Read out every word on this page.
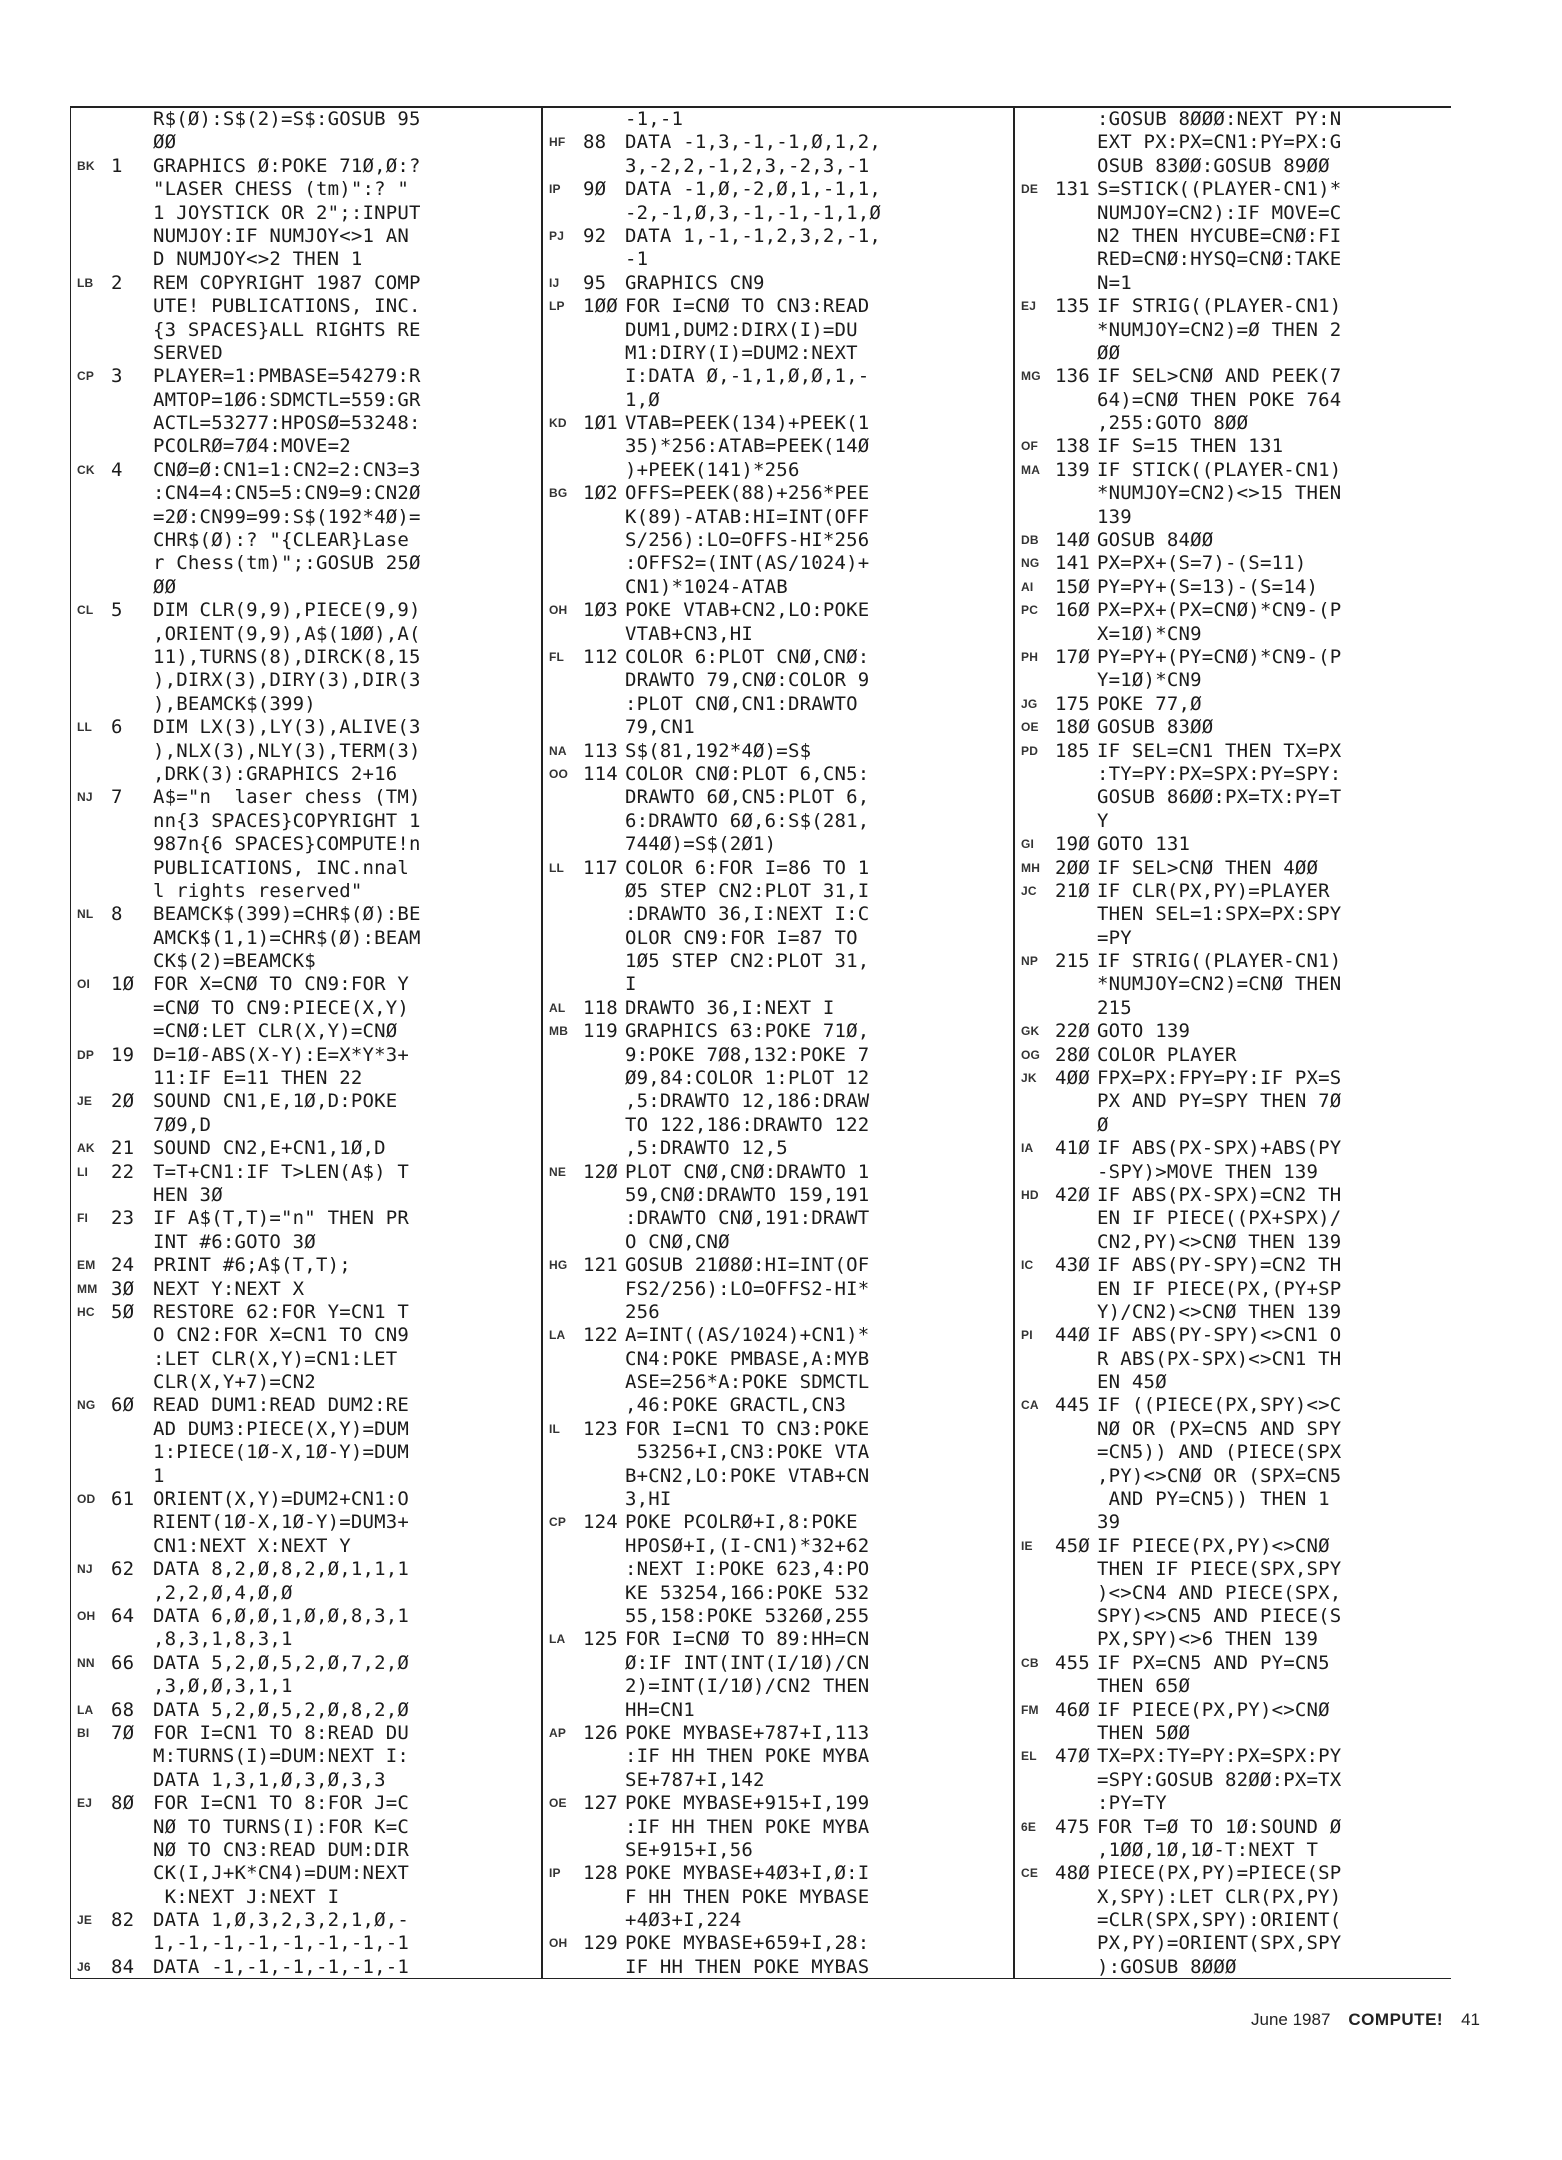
R$(Ø):S$(2)=S$:GOSUB 95
ØØ
BK 1 GRAPHICS Ø:POKE 71Ø,Ø:?
"LASER CHESS (tm)":? "
1 JOYSTICK OR 2";:INPUT
NUMJOY:IF NUMJOY<>1 AN
D NUMJOY<>2 THEN 1
LB 2 REM COPYRIGHT 1987 COMP
UTE! PUBLICATIONS, INC.
{3 SPACES}ALL RIGHTS RE
SERVED
CP 3 PLAYER=1:PMBASE=54279:R
AMTOP=1Ø6:SDMCTL=559:GR
ACTL=53277:HPOSØ=53248:
PCOLRØ=7Ø4:MOVE=2
CK 4 CNØ=Ø:CN1=1:CN2=2:CN3=3
:CN4=4:CN5=5:CN9=9:CN2Ø
=2Ø:CN99=99:S$(192*4Ø)=
CHR$(Ø):? "{CLEAR}Lase
r Chess(tm)";:GOSUB 25Ø
ØØ
CL 5 DIM CLR(9,9),PIECE(9,9)
,ORIENT(9,9),A$(1ØØ),A(
11),TURNS(8),DIRCK(8,15
),DIRX(3),DIRY(3),DIR(3
),BEAMCK$(399)
LL 6 DIM LX(3),LY(3),ALIVE(3
),NLX(3),NLY(3),TERM(3)
,DRK(3):GRAPHICS 2+16
NJ 7 A$="n  laser chess (TM)
nn{3 SPACES}COPYRIGHT 1
987n{6 SPACES}COMPUTE!n
PUBLICATIONS, INC.nnal
l rights reserved"
NL 8 BEAMCK$(399)=CHR$(Ø):BE
AMCK$(1,1)=CHR$(Ø):BEAM
CK$(2)=BEAMCK$
OI	1Ø FOR X=CNØ TO CN9:FOR Y
=CNØ TO CN9:PIECE(X,Y)
=CNØ:LET CLR(X,Y)=CNØ
DP 19 D=1Ø-ABS(X-Y):E=X*Y*3+
11:IF E=11 THEN 22
JE 2Ø SOUND CN1,E,1Ø,D:POKE
7Ø9,D
AK 21 SOUND CN2,E+CN1,1Ø,D
LI	22 T=T+CN1:IF T>LEN(A$) T
HEN 3Ø
FI	23 IF A$(T,T)="n" THEN PR
INT #6:GOTO 3Ø
EM 24 PRINT #6;A$(T,T);
MM 3Ø NEXT Y:NEXT X
HC 5Ø RESTORE 62:FOR Y=CN1 T
O CN2:FOR X=CN1 TO CN9
:LET CLR(X,Y)=CN1:LET
CLR(X,Y+7)=CN2
NG 6Ø READ DUM1:READ DUM2:RE
AD DUM3:PIECE(X,Y)=DUM
1:PIECE(1Ø-X,1Ø-Y)=DUM
1
OD 61 ORIENT(X,Y)=DUM2+CN1:O
RIENT(1Ø-X,1Ø-Y)=DUM3+
CN1:NEXT X:NEXT Y
NJ 62 DATA 8,2,Ø,8,2,Ø,1,1,1
,2,2,Ø,4,Ø,Ø
OH 64 DATA 6,Ø,Ø,1,Ø,Ø,8,3,1
,8,3,1,8,3,1
NN 66 DATA 5,2,Ø,5,2,Ø,7,2,Ø
,3,Ø,Ø,3,1,1
LA 68 DATA 5,2,Ø,5,2,Ø,8,2,Ø
BI	7Ø FOR I=CN1 TO 8:READ DU
M:TURNS(I)=DUM:NEXT I:
DATA 1,3,1,Ø,3,Ø,3,3
EJ 8Ø FOR I=CN1 TO 8:FOR J=C
NØ TO TURNS(I):FOR K=C
NØ TO CN3:READ DUM:DIR
CK(I,J+K*CN4)=DUM:NEXT
K:NEXT J:NEXT I
JE 82 DATA 1,Ø,3,2,3,2,1,Ø,-
1,-1,-1,-1,-1,-1,-1,-1
J6	84 DATA -1,-1,-1,-1,-1,-1
-1,-1
HF 88 DATA -1,3,-1,-1,Ø,1,2,
3,-2,2,-1,2,3,-2,3,-1
IP	9Ø DATA -1,Ø,-2,Ø,1,-1,1,
-2,-1,Ø,3,-1,-1,-1,1,Ø
PJ 92 DATA 1,-1,-1,2,3,2,-1,
-1
IJ	95 GRAPHICS CN9
LP 1ØØ FOR I=CNØ TO CN3:READ
DUM1,DUM2:DIRX(I)=DU
M1:DIRY(I)=DUM2:NEXT
I:DATA Ø,-1,1,Ø,Ø,1,-
1,Ø
KD 1Ø1 VTAB=PEEK(134)+PEEK(1
35)*256:ATAB=PEEK(14Ø
)+PEEK(141)*256
BG 1Ø2 OFFS=PEEK(88)+256*PEE
K(89)-ATAB:HI=INT(OFF
S/256):LO=OFFS-HI*256
:OFFS2=(INT(AS/1024)+
CN1)*1024-ATAB
OH 1Ø3 POKE VTAB+CN2,LO:POKE
VTAB+CN3,HI
FL 112 COLOR 6:PLOT CNØ,CNØ:
DRAWTO 79,CNØ:COLOR 9
:PLOT CNØ,CN1:DRAWTO
79,CN1
NA 113 S$(81,192*4Ø)=S$
OO 114 COLOR CNØ:PLOT 6,CN5:
DRAWTO 6Ø,CN5:PLOT 6,
6:DRAWTO 6Ø,6:S$(281,
744Ø)=S$(2Ø1)
LL 117 COLOR 6:FOR I=86 TO 1
Ø5 STEP CN2:PLOT 31,I
:DRAWTO 36,I:NEXT I:C
OLOR CN9:FOR I=87 TO
1Ø5 STEP CN2:PLOT 31,
I
AL 118 DRAWTO 36,I:NEXT I
MB 119 GRAPHICS 63:POKE 71Ø,
9:POKE 7Ø8,132:POKE 7
Ø9,84:COLOR 1:PLOT 12
,5:DRAWTO 12,186:DRAW
TO 122,186:DRAWTO 122
,5:DRAWTO 12,5
NE 12Ø PLOT CNØ,CNØ:DRAWTO 1
59,CNØ:DRAWTO 159,191
:DRAWTO CNØ,191:DRAWT
O CNØ,CNØ
HG 121 GOSUB 21Ø8Ø:HI=INT(OF
FS2/256):LO=OFFS2-HI*
256
LA 122 A=INT((AS/1024)+CN1)*
CN4:POKE PMBASE,A:MYB
ASE=256*A:POKE SDMCTL
,46:POKE GRACTL,CN3
IL	123 FOR I=CN1 TO CN3:POKE
53256+I,CN3:POKE VTA
B+CN2,LO:POKE VTAB+CN
3,HI
CP 124 POKE PCOLRØ+I,8:POKE
HPOSØ+I,(I-CN1)*32+62
:NEXT I:POKE 623,4:PO
KE 53254,166:POKE 532
55,158:POKE 5326Ø,255
LA 125 FOR I=CNØ TO 89:HH=CN
Ø:IF INT(INT(I/1Ø)/CN
2)=INT(I/1Ø)/CN2 THEN
HH=CN1
AP 126 POKE MYBASE+787+I,113
:IF HH THEN POKE MYBA
SE+787+I,142
OE 127 POKE MYBASE+915+I,199
:IF HH THEN POKE MYBA
SE+915+I,56
IP	128 POKE MYBASE+4Ø3+I,Ø:I
F HH THEN POKE MYBASE
+4Ø3+I,224
OH 129 POKE MYBASE+659+I,28:
IF HH THEN POKE MYBAS
:GOSUB 8ØØØ:NEXT PY:N
EXT PX:PX=CN1:PY=PX:G
OSUB 83ØØ:GOSUB 89ØØ
DE 131 S=STICK((PLAYER-CN1)*
NUMJOY=CN2):IF MOVE=C
N2 THEN HYCUBE=CNØ:FI
RED=CNØ:HYSQ=CNØ:TAKE
N=1
EJ 135 IF STRIG((PLAYER-CN1)
*NUMJOY=CN2)=Ø THEN 2
ØØ
MG 136 IF SEL>CNØ AND PEEK(7
64)=CNØ THEN POKE 764
,255:GOTO 8ØØ
OF 138 IF S=15 THEN 131
MA 139 IF STICK((PLAYER-CN1)
*NUMJOY=CN2)<>15 THEN
139
DB 14Ø GOSUB 84ØØ
NG 141 PX=PX+(S=7)-(S=11)
AI	15Ø PY=PY+(S=13)-(S=14)
PC 16Ø PX=PX+(PX=CNØ)*CN9-(P
X=1Ø)*CN9
PH 17Ø PY=PY+(PY=CNØ)*CN9-(P
Y=1Ø)*CN9
JG 175 POKE 77,Ø
OE 18Ø GOSUB 83ØØ
PD 185 IF SEL=CN1 THEN TX=PX
:TY=PY:PX=SPX:PY=SPY:
GOSUB 86ØØ:PX=TX:PY=T
Y
GI	19Ø GOTO 131
MH 2ØØ IF SEL>CNØ THEN 4ØØ
JC 21Ø IF CLR(PX,PY)=PLAYER
THEN SEL=1:SPX=PX:SPY
=PY
NP 215 IF STRIG((PLAYER-CN1)
*NUMJOY=CN2)=CNØ THEN
215
GK 22Ø GOTO 139
OG 28Ø COLOR PLAYER
JK 4ØØ FPX=PX:FPY=PY:IF PX=S
PX AND PY=SPY THEN 7Ø
Ø
IA	41Ø IF ABS(PX-SPX)+ABS(PY
-SPY)>MOVE THEN 139
HD 42Ø IF ABS(PX-SPX)=CN2 TH
EN IF PIECE((PX+SPX)/
CN2,PY)<>CNØ THEN 139
IC	43Ø IF ABS(PY-SPY)=CN2 TH
EN IF PIECE(PX,(PY+SP
Y)/CN2)<>CNØ THEN 139
PI	44Ø IF ABS(PY-SPY)<>CN1 O
R ABS(PX-SPX)<>CN1 TH
EN 45Ø
CA 445 IF ((PIECE(PX,SPY)<>C
NØ OR (PX=CN5 AND SPY
=CN5)) AND (PIECE(SPX
,PY)<>CNØ OR (SPX=CN5
AND PY=CN5)) THEN 1
39
IE	45Ø IF PIECE(PX,PY)<>CNØ
THEN IF PIECE(SPX,SPY
)<>CN4 AND PIECE(SPX,
SPY)<>CN5 AND PIECE(S
PX,SPY)<>6 THEN 139
CB 455 IF PX=CN5 AND PY=CN5
THEN 65Ø
FM 46Ø IF PIECE(PX,PY)<>CNØ
THEN 5ØØ
EL 47Ø TX=PX:TY=PY:PX=SPX:PY
=SPY:GOSUB 82ØØ:PX=TX
:PY=TY
6E 475 FOR T=Ø TO 1Ø:SOUND Ø
,1ØØ,1Ø,1Ø-T:NEXT T
CE 48Ø PIECE(PX,PY)=PIECE(SP
X,SPY):LET CLR(PX,PY)
=CLR(SPX,SPY):ORIENT(
PX,PY)=ORIENT(SPX,SPY
):GOSUB 8ØØØ
June 1987 COMPUTE! 41
